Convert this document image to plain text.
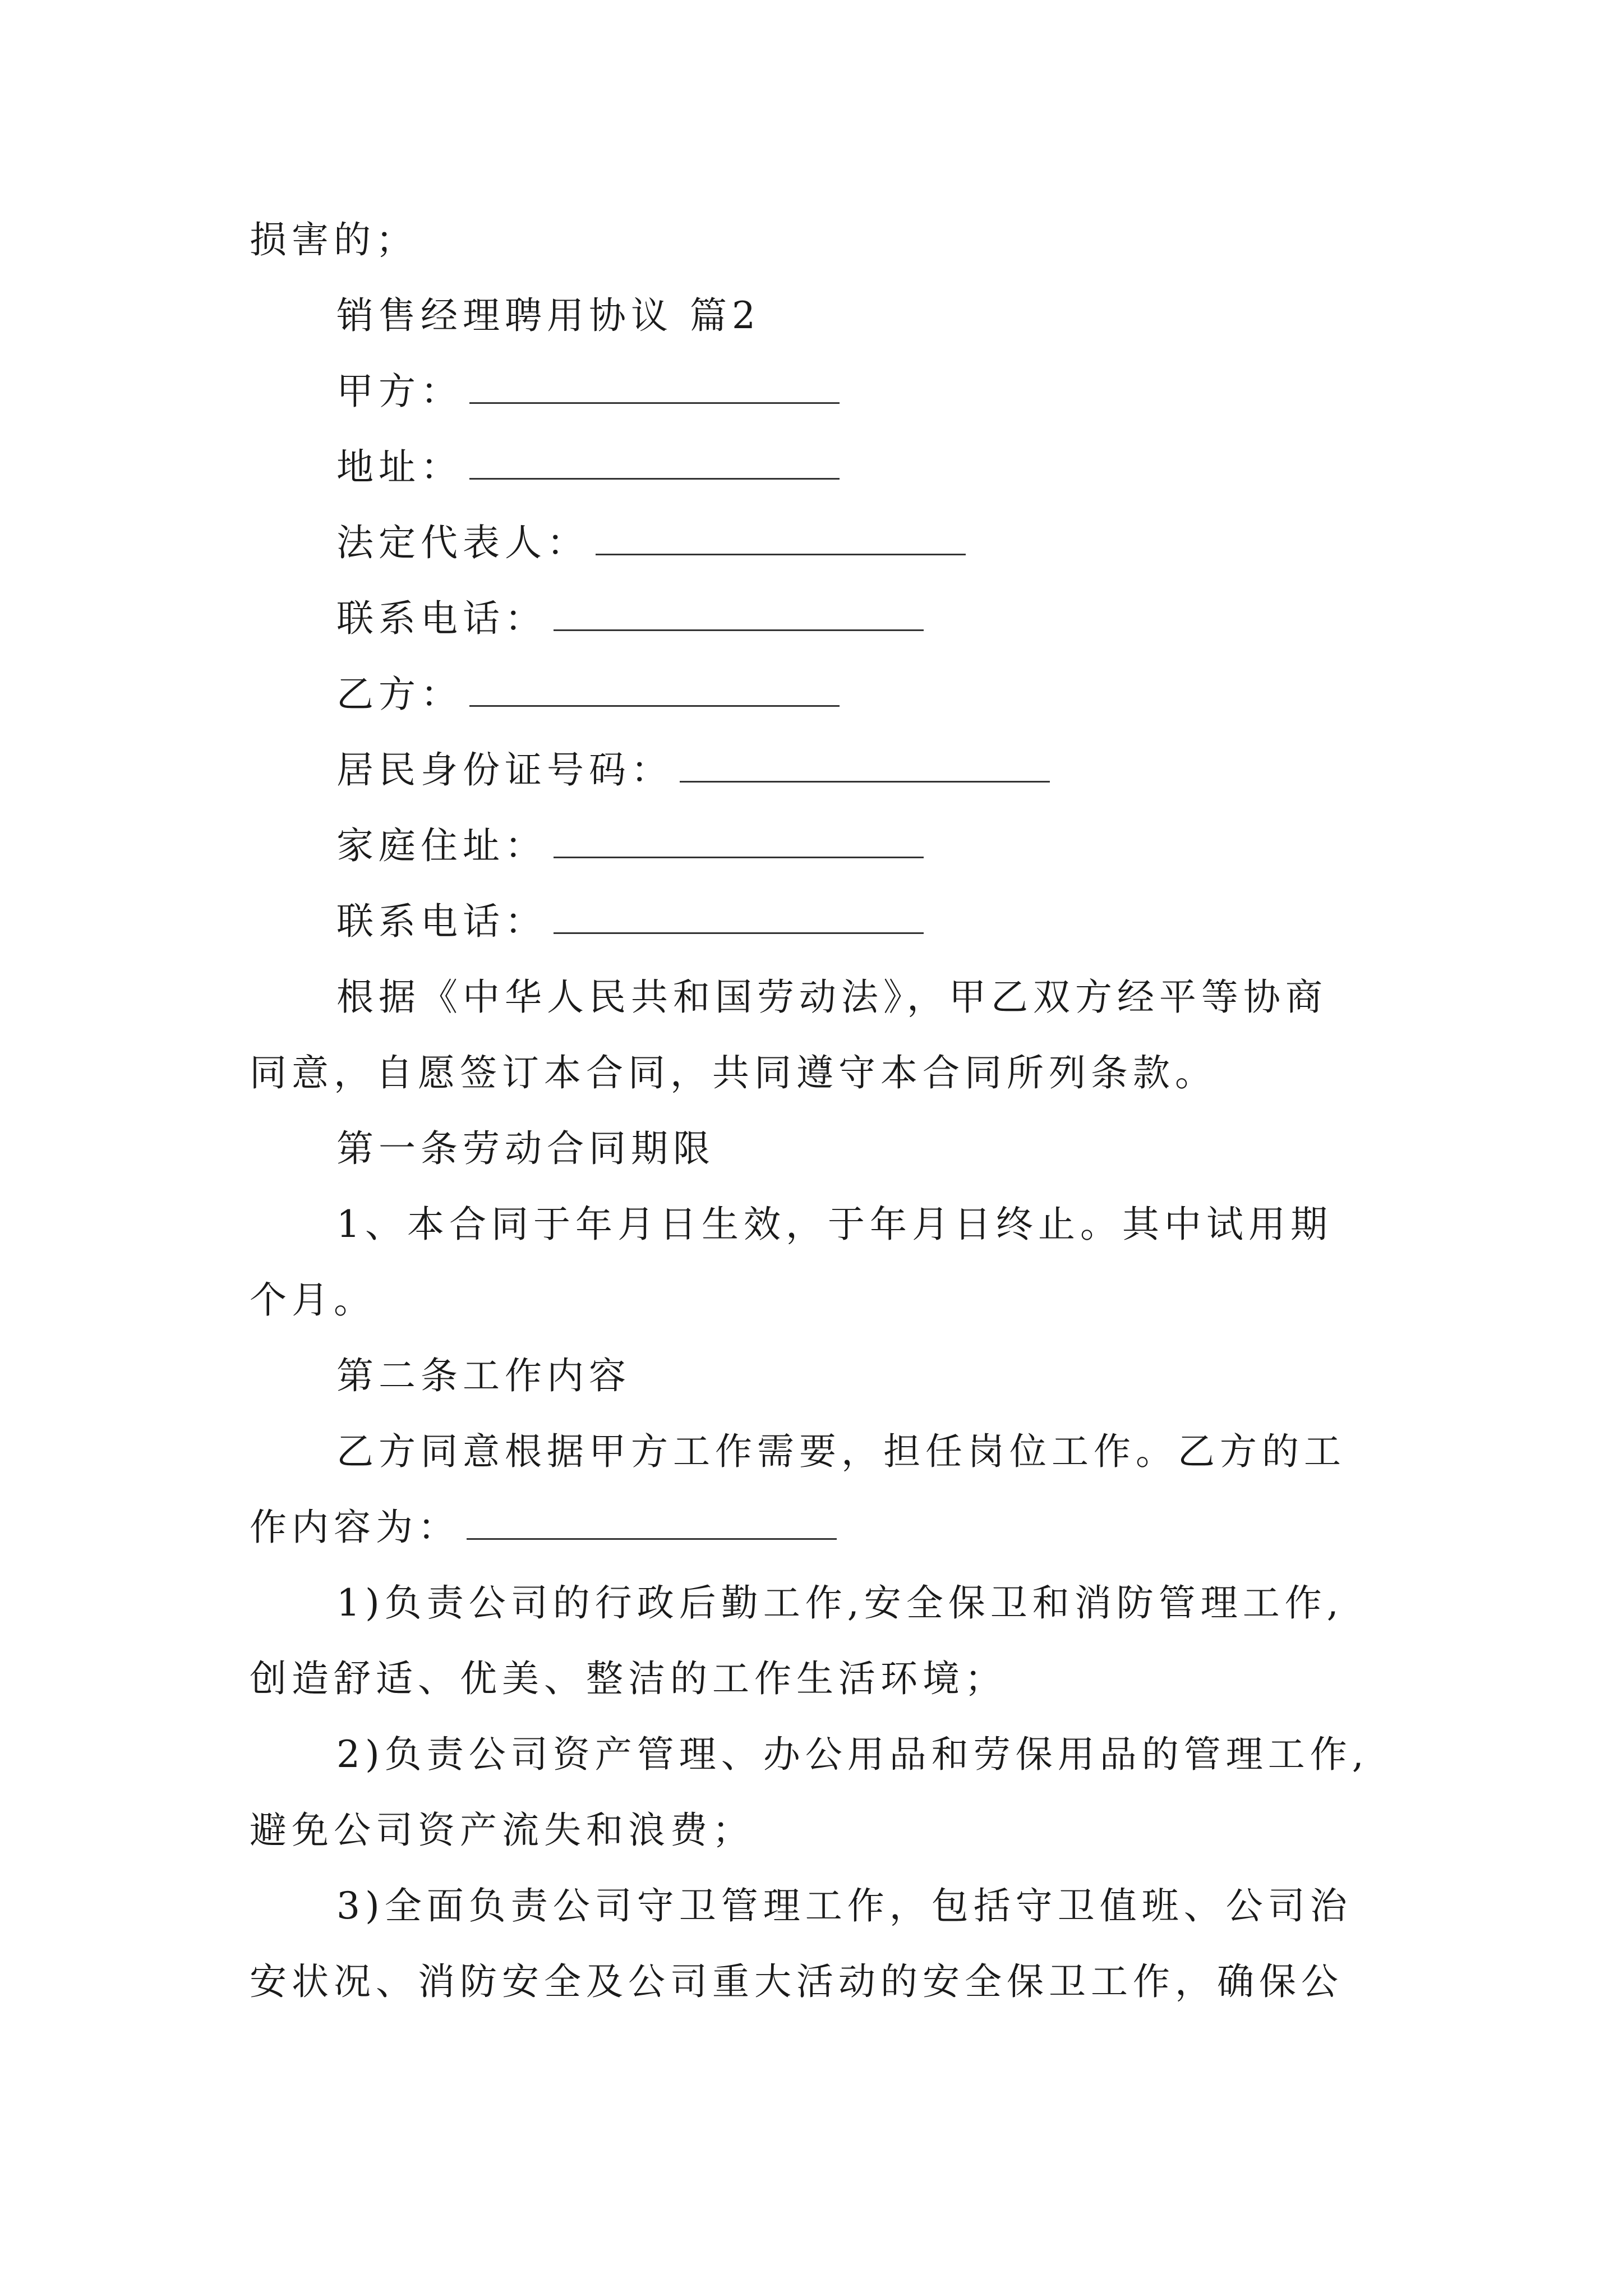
损害的；
销售经理聘用协议 篇2
甲方：
地址：
法定代表人：
联系电话：
乙方：
居民身份证号码：
家庭住址：
联系电话：
根据《中华人民共和国劳动法》，甲乙双方经平等协商
同意，自愿签订本合同，共同遵守本合同所列条款。
第一条劳动合同期限
1、本合同于年月日生效，于年月日终止。其中试用期
个月。
第二条工作内容
乙方同意根据甲方工作需要，担任岗位工作。乙方的工
作内容为：
1)负责公司的行政后勤工作,安全保卫和消防管理工作,
创造舒适、优美、整洁的工作生活环境；
2)负责公司资产管理、办公用品和劳保用品的管理工作,
避免公司资产流失和浪费；
3)全面负责公司守卫管理工作，包括守卫值班、公司治
安状况、消防安全及公司重大活动的安全保卫工作，确保公
